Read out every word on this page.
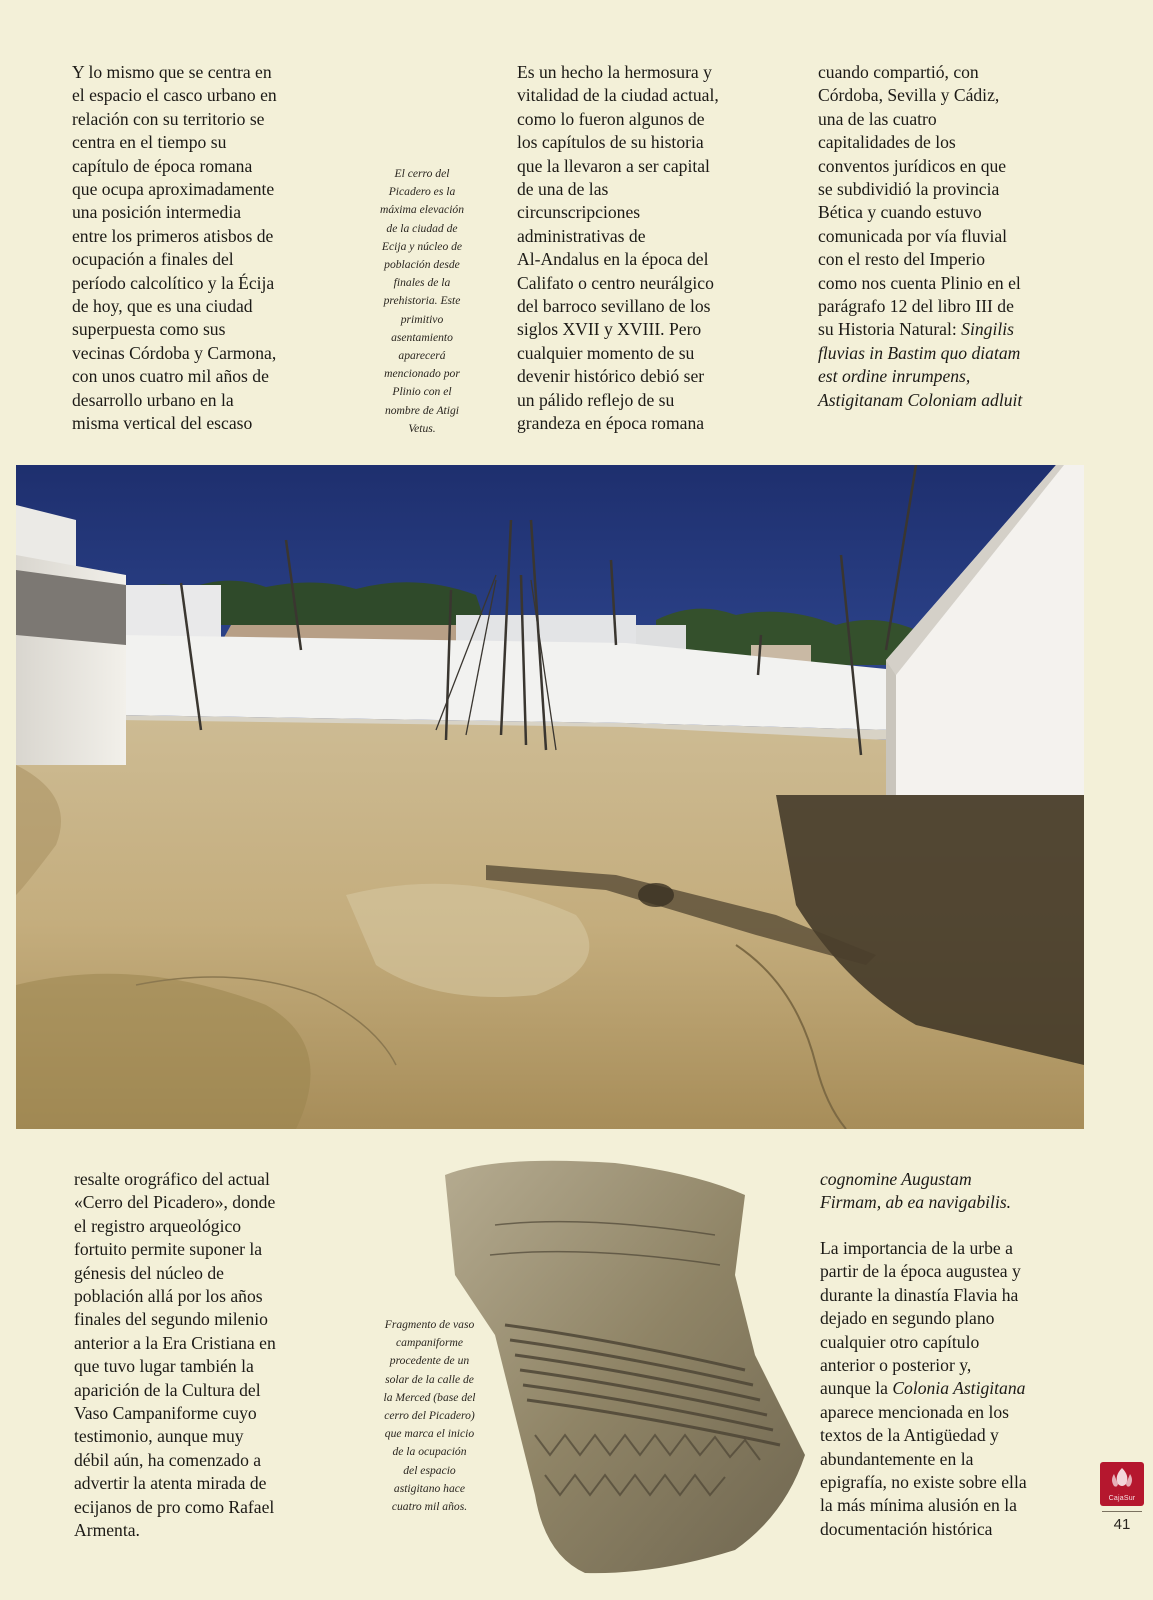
Y lo mismo que se centra en
el espacio el casco urbano en
relación con su territorio se
centra en el tiempo su
capítulo de época romana
que ocupa aproximadamente
una posición intermedia
entre los primeros atisbos de
ocupación a finales del
período calcolítico y la Écija
de hoy, que es una ciudad
superpuesta como sus
vecinas Córdoba y Carmona,
con unos cuatro mil años de
desarrollo urbano en la
misma vertical del escaso

El cerro del
Picadero es la
máxima elevación
de la ciudad de
Ecija y núcleo de
población desde
finales de la
prehistoria. Este
primitivo
asentamiento
aparecerá
mencionado por
Plinio con el
nombre de Atigi
Vetus.

Es un hecho la hermosura y
vitalidad de la ciudad actual,
como lo fueron algunos de
los capítulos de su historia
que la llevaron a ser capital
de una de las
circunscripciones
administrativas de
Al-Andalus en la época del
Califato o centro neurálgico
del barroco sevillano de los
siglos XVII y XVIII. Pero
cualquier momento de su
devenir histórico debió ser
un pálido reflejo de su
grandeza en época romana

cuando compartió, con
Córdoba, Sevilla y Cádiz,
una de las cuatro
capitalidades de los
conventos jurídicos en que
se subdividió la provincia
Bética y cuando estuvo
comunicada por vía fluvial
con el resto del Imperio
como nos cuenta Plinio en el
parágrafo 12 del libro III de
su Historia Natural: Singilis
fluvias in Bastim quo diatam
est ordine inrumpens,
Astigitanam Coloniam adluit

resalte orográfico del actual
«Cerro del Picadero», donde
el registro arqueológico
fortuito permite suponer la
génesis del núcleo de
población allá por los años
finales del segundo milenio
anterior a la Era Cristiana en
que tuvo lugar también la
aparición de la Cultura del
Vaso Campaniforme cuyo
testimonio, aunque muy
débil aún, ha comenzado a
advertir la atenta mirada de
ecijanos de pro como Rafael
Armenta.

Fragmento de vaso
campaniforme
procedente de un
solar de la calle de
la Merced (base del
cerro del Picadero)
que marca el inicio
de la ocupación
del espacio
astigitano hace
cuatro mil años.

cognomine Augustam
Firmam, ab ea navigabilis.

La importancia de la urbe a
partir de la época augustea y
durante la dinastía Flavia ha
dejado en segundo plano
cualquier otro capítulo
anterior o posterior y,
aunque la Colonia Astigitana
aparece mencionada en los
textos de la Antigüedad y
abundantemente en la
epigrafía, no existe sobre ella
la más mínima alusión en la
documentación histórica

CajaSur
41
